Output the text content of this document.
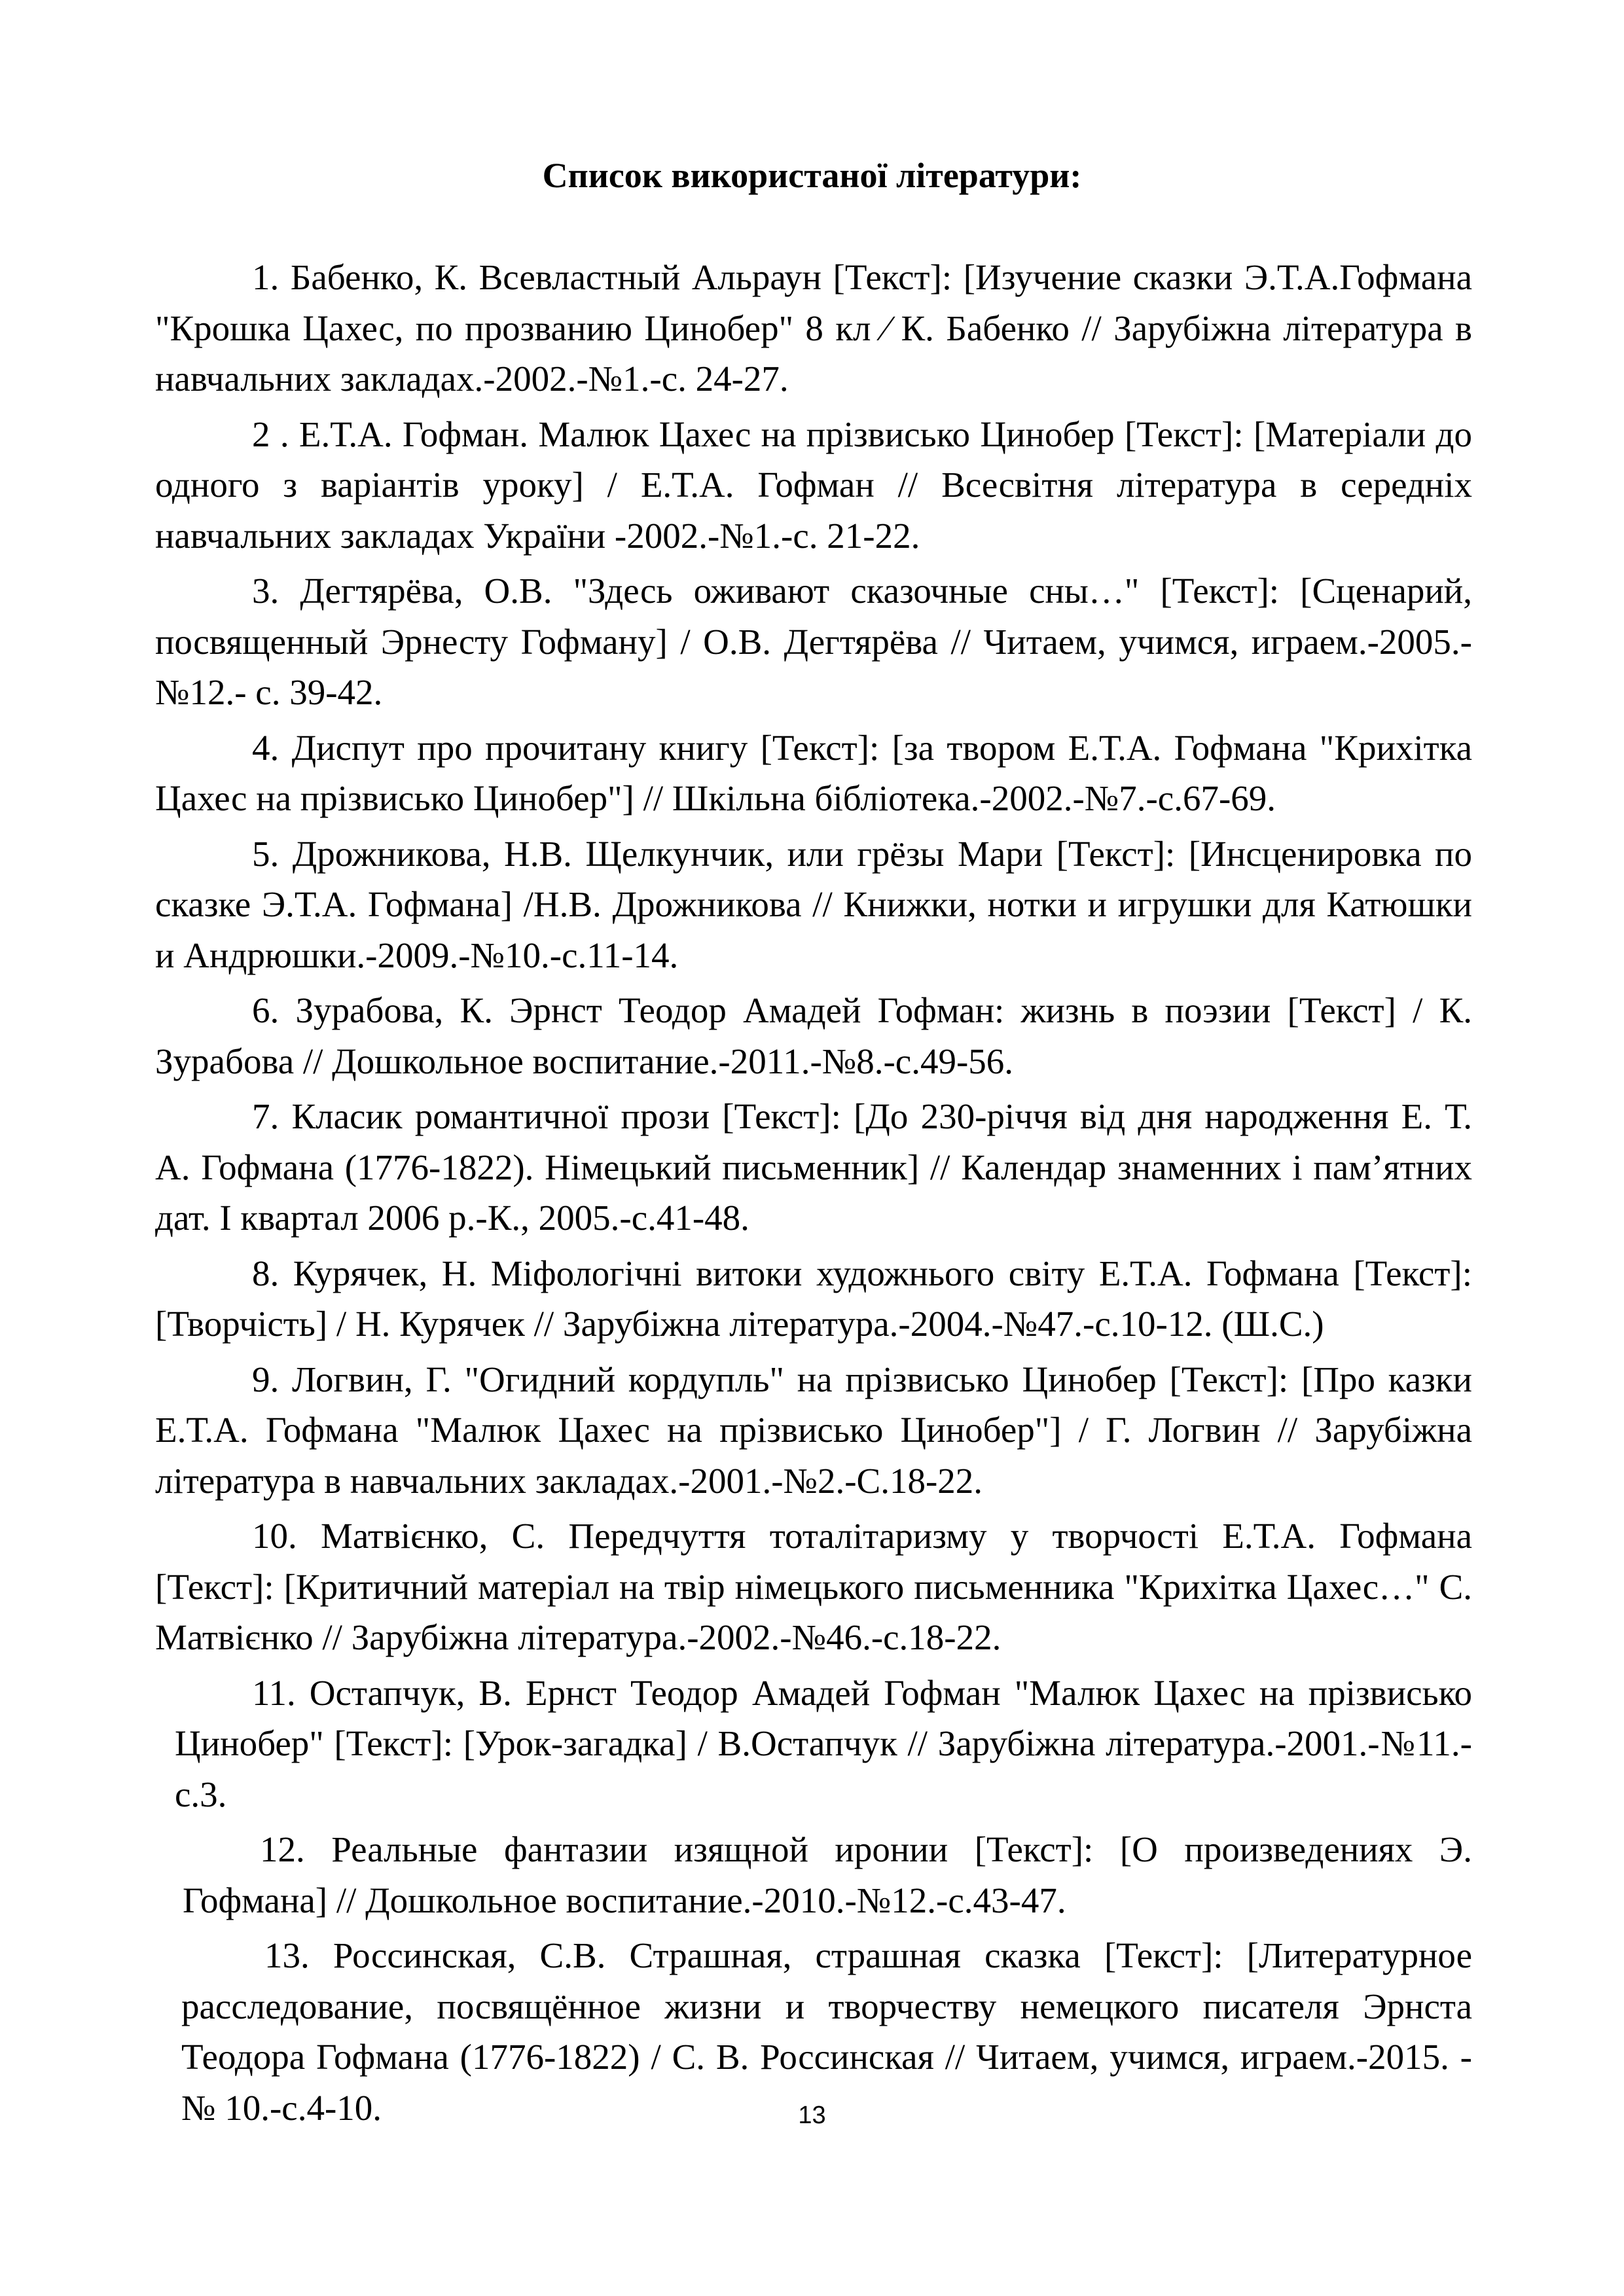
Список використаної літератури:
1. Бабенко, К. Всевластный Альраун [Текст]: [Изучение сказки Э.Т.А.Гофмана "Крошка Цахес, по прозванию Цинобер" 8 кл ⁄ К. Бабенко // Зарубіжна література в навчальних закладах.-2002.-№1.-с. 24-27.
2 . Е.Т.А. Гофман. Малюк Цахес на прізвисько Цинобер [Текст]: [Матеріали до одного з варіантів уроку] / Е.Т.А. Гофман // Всесвітня література в середніх навчальних закладах України -2002.-№1.-с. 21-22.
3. Дегтярёва, О.В. "Здесь оживают сказочные сны…" [Текст]: [Сценарий, посвященный Эрнесту Гофману] / О.В. Дегтярёва // Читаем, учимся, играем.-2005.- №12.- с. 39-42.
4. Диспут про прочитану книгу [Текст]: [за твором Е.Т.А. Гофмана "Крихітка Цахес на прізвисько Цинобер"] // Шкільна бібліотека.-2002.-№7.-с.67-69.
5. Дрожникова, Н.В. Щелкунчик, или грёзы Мари [Текст]: [Инсценировка по сказке Э.Т.А. Гофмана] /Н.В. Дрожникова // Книжки, нотки и игрушки для Катюшки и Андрюшки.-2009.-№10.-с.11-14.
6. Зурабова, К. Эрнст Теодор Амадей Гофман: жизнь в поэзии [Текст] / К. Зурабова // Дошкольное воспитание.-2011.-№8.-с.49-56.
7. Класик романтичної прози [Текст]: [До 230-річчя від дня народження Е. Т. А. Гофмана (1776-1822). Німецький письменник] // Календар знаменних і пам’ятних дат. І квартал 2006 р.-К., 2005.-с.41-48.
8. Курячек, Н. Міфологічні витоки художнього світу Е.Т.А. Гофмана [Текст]: [Творчість] / Н. Курячек // Зарубіжна література.-2004.-№47.-с.10-12. (Ш.С.)
9. Логвин, Г. "Огидний кордупль" на прізвисько Цинобер [Текст]: [Про казки Е.Т.А. Гофмана "Малюк Цахес на прізвисько Цинобер"] / Г. Логвин // Зарубіжна література в навчальних закладах.-2001.-№2.-С.18-22.
10. Матвієнко, С. Передчуття тоталітаризму у творчості Е.Т.А. Гофмана [Текст]: [Критичний матеріал на твір німецького письменника "Крихітка Цахес…" С. Матвієнко // Зарубіжна література.-2002.-№46.-с.18-22.
11. Остапчук, В. Ернст Теодор Амадей Гофман "Малюк Цахес на прізвисько Цинобер" [Текст]: [Урок-загадка] / В.Остапчук // Зарубіжна література.-2001.-№11.-с.3.
12. Реальные фантазии изящной иронии [Текст]: [О произведениях Э. Гофмана] // Дошкольное воспитание.-2010.-№12.-с.43-47.
13. Россинская, С.В. Страшная, страшная сказка [Текст]: [Литературное расследование, посвящённое жизни и творчеству немецкого писателя Эрнста Теодора Гофмана (1776-1822) / С. В. Россинская // Читаем, учимся, играем.-2015. -№ 10.-с.4-10.	13
